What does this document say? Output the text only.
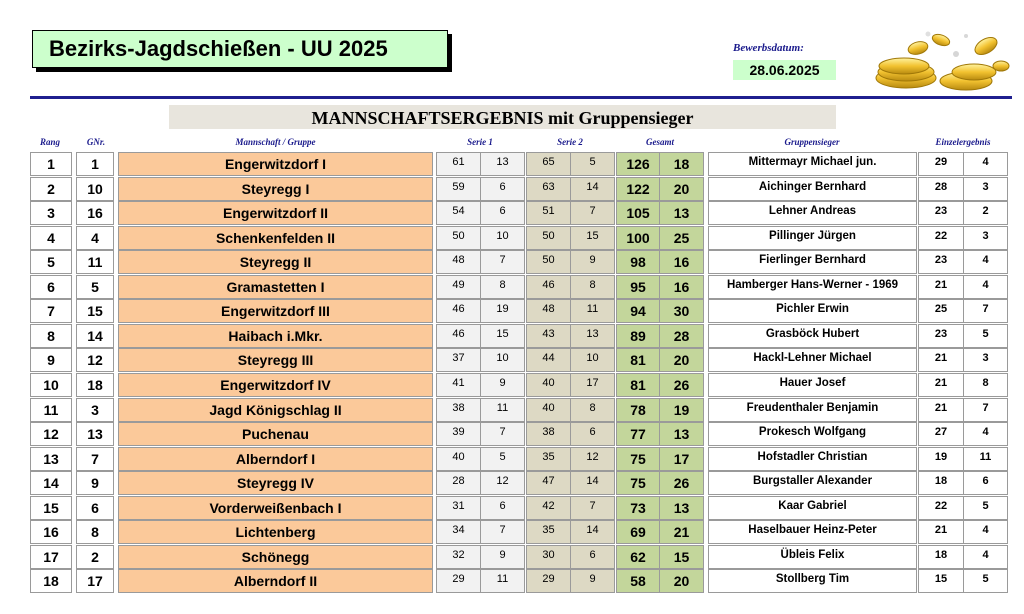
Bezirks-Jagdschießen - UU 2025	Bewerbsdatum:
28.06.2025
MANNSCHAFTSERGEBNIS mit Gruppensieger
Rang	GNr.	Mannschaft / Gruppe	Serie 1	Serie 2	Gesamt	Gruppensieger	Einzelergebnis
1	1	Engerwitzdorf I	61	13	65	5	126	18	Mittermayr Michael jun.	29	4
2	10	Steyregg I	59	6	63	14	122	20	Aichinger Bernhard	28	3
3	16	Engerwitzdorf II	54	6	51	7	105	13	Lehner Andreas	23	2
4	4	Schenkenfelden II	50	10	50	15	100	25	Pillinger Jürgen	22	3
5	11	Steyregg II	48	7	50	9	98	16	Fierlinger Bernhard	23	4
6	5	Gramastetten I	49	8	46	8	95	16	Hamberger Hans-Werner - 1969	21	4
7	15	Engerwitzdorf III	46	19	48	11	94	30	Pichler Erwin	25	7
8	14	Haibach i.Mkr.	46	15	43	13	89	28	Grasböck Hubert	23	5
9	12	Steyregg III	37	10	44	10	81	20	Hackl-Lehner Michael	21	3
10	18	Engerwitzdorf IV	41	9	40	17	81	26	Hauer Josef	21	8
11	3	Jagd Königschlag II	38	11	40	8	78	19	Freudenthaler Benjamin	21	7
12	13	Puchenau	39	7	38	6	77	13	Prokesch Wolfgang	27	4
13	7	Alberndorf I	40	5	35	12	75	17	Hofstadler Christian	19	11
14	9	Steyregg IV	28	12	47	14	75	26	Burgstaller Alexander	18	6
15	6	Vorderweißenbach I	31	6	42	7	73	13	Kaar Gabriel	22	5
16	8	Lichtenberg	34	7	35	14	69	21	Haselbauer Heinz-Peter	21	4
17	2	Schönegg	32	9	30	6	62	15	Übleis Felix	18	4
18	17	Alberndorf II	29	11	29	9	58	20	Stollberg Tim	15	5
